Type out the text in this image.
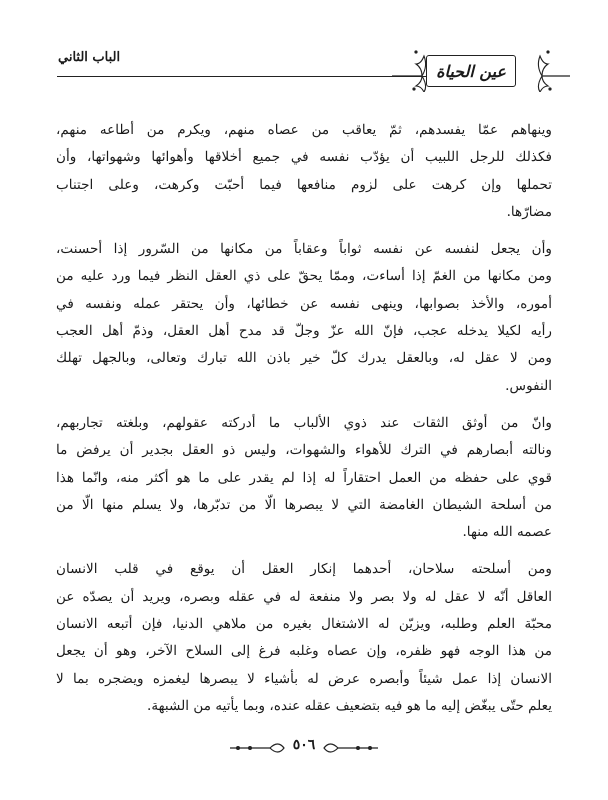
الباب الثاني
عين الحياة

وينهاهم عمّا يفسدهم، ثمّ يعاقب من عصاه منهم، ويكرم من أطاعه منهم،
فكذلك للرجل اللبيب أن يؤدّب نفسه في جميع أخلاقها وأهوائها وشهواتها، وأن
تحملها وإن كرهت على لزوم منافعها فيما أحبّت وكرهت، وعلى اجتناب
مضارّها.

وأن يجعل لنفسه عن نفسه ثواباً وعقاباً من مكانها من السّرور إذا أحسنت،
ومن مكانها من الغمّ إذا أساءت، وممّا يحقّ على ذي العقل النظر فيما ورد عليه من
أموره، والأخذ بصوابها، وينهى نفسه عن خطائها، وأن يحتقر عمله ونفسه في
رأيه لكيلا يدخله عجب، فإنّ الله عزّ وجلّ قد مدح أهل العقل، وذمّ أهل العجب
ومن لا عقل له، وبالعقل يدرك كلّ خير باذن الله تبارك وتعالى، وبالجهل تهلك
النفوس.

وانّ من أوثق الثقات عند ذوي الألباب ما أدركته عقولهم، وبلغته تجاربهم،
ونالته أبصارهم في الترك للأهواء والشهوات، وليس ذو العقل بجدير أن يرفض ما
قوي على حفظه من العمل احتقاراً له إذا لم يقدر على ما هو أكثر منه، وانّما هذا
من أسلحة الشيطان الغامضة التي لا يبصرها الّا من تدبّرها، ولا يسلم منها الّا من
عصمه الله منها.

ومن أسلحته سلاحان، أحدهما إنكار العقل أن يوقع في قلب الانسان
العاقل أنّه لا عقل له ولا بصر ولا منفعة له في عقله وبصره، ويريد أن يصدّه عن
محبّة العلم وطلبه، ويزيّن له الاشتغال بغيره من ملاهي الدنيا، فإن أتبعه الانسان
من هذا الوجه فهو ظفره، وإن عصاه وغلبه فرغ إلى السلاح الآخر، وهو أن يجعل
الانسان إذا عمل شيئاً وأبصره عرض له بأشياء لا يبصرها ليغمزه ويضجره بما لا
يعلم حتّى يبغّض إليه ما هو فيه بتضعيف عقله عنده، وبما يأتيه من الشبهة.

٥٠٦
